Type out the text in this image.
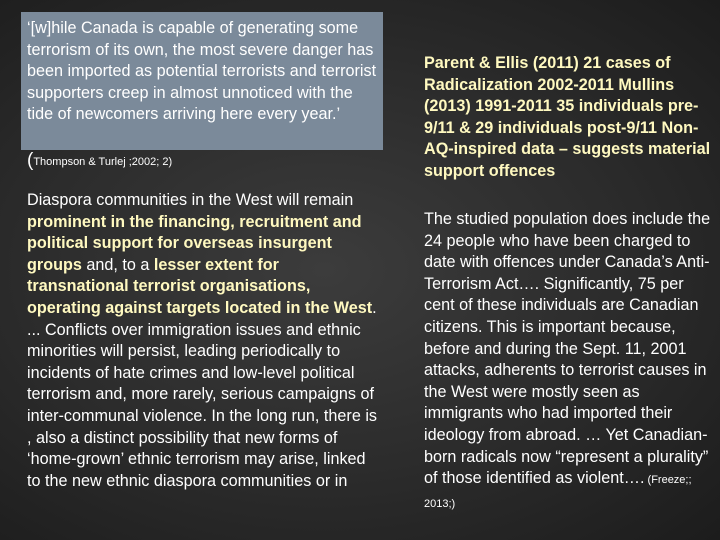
‘[w]hile Canada is capable of generating some terrorism of its own, the most severe danger has been imported as potential terrorists and terrorist supporters creep in almost unnoticed with the tide of newcomers arriving here every year.’

(Thompson & Turlej ;2002; 2)

Diaspora communities in the West will remain prominent in the financing, recruitment and political support for overseas insurgent groups and, to a lesser extent for transnational terrorist organisations, operating against targets located in the West. ... Conflicts over immigration issues and ethnic minorities will persist, leading periodically to incidents of hate crimes and low-level political terrorism and, more rarely, serious campaigns of inter-communal violence. In the long run, there is , also a distinct possibility that new forms of ‘home-grown’ ethnic terrorism may arise, linked to the new ethnic diaspora communities or in

Parent & Ellis (2011) 21 cases of Radicalization 2002-2011 Mullins (2013) 1991-2011 35 individuals pre-9/11 & 29 individuals post-9/11 Non-AQ-inspired data – suggests material support offences

The studied population does include the 24 people who have been charged to date with offences under Canada’s Anti-Terrorism Act…. Significantly, 75 per cent of these individuals are Canadian citizens. This is important because, before and during the Sept. 11, 2001 attacks, adherents to terrorist causes in the West were mostly seen as immigrants who had imported their ideology from abroad. … Yet Canadian-born radicals now “represent a plurality” of those identified as violent…. (Freeze;; 2013;)
